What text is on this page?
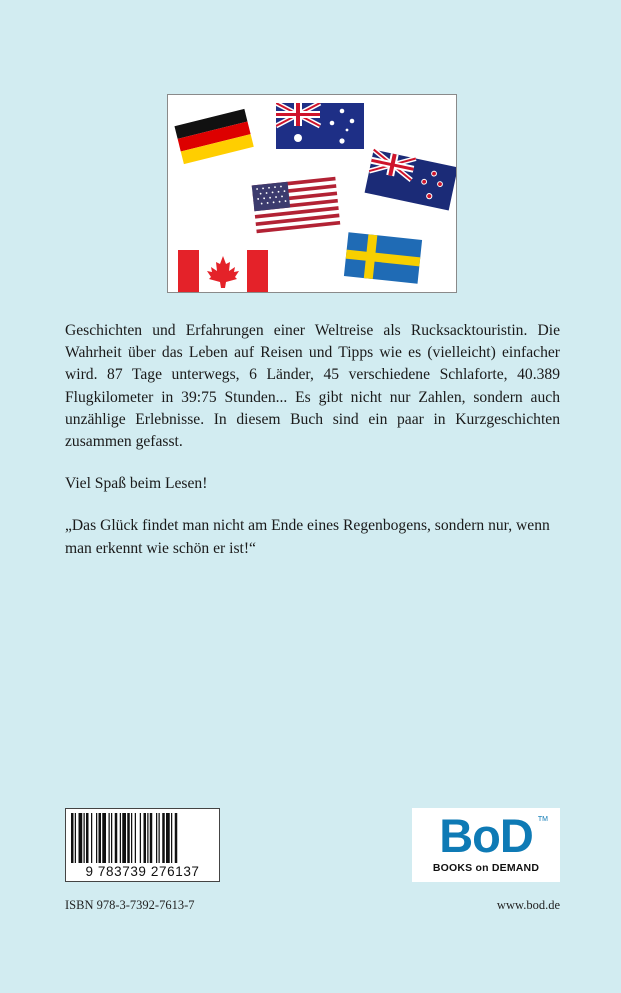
Geschichten und Erfahrungen einer Weltreise als Rucksacktouristin. Die Wahrheit über das Leben auf Reisen und Tipps wie es (vielleicht) einfacher wird. 87 Tage unterwegs, 6 Länder, 45 verschiedene Schlaforte, 40.389 Flugkilometer in 39:75 Stunden... Es gibt nicht nur Zahlen, sondern auch unzählige Erlebnisse. In diesem Buch sind ein paar in Kurzgeschichten zusammen gefasst.

Viel Spaß beim Lesen!

„Das Glück findet man nicht am Ende eines Regenbogens, sondern nur, wenn man erkennt wie schön er ist!“

9 783739 276137
BoD TM
BOOKS on DEMAND
ISBN 978-3-7392-7613-7	www.bod.de
